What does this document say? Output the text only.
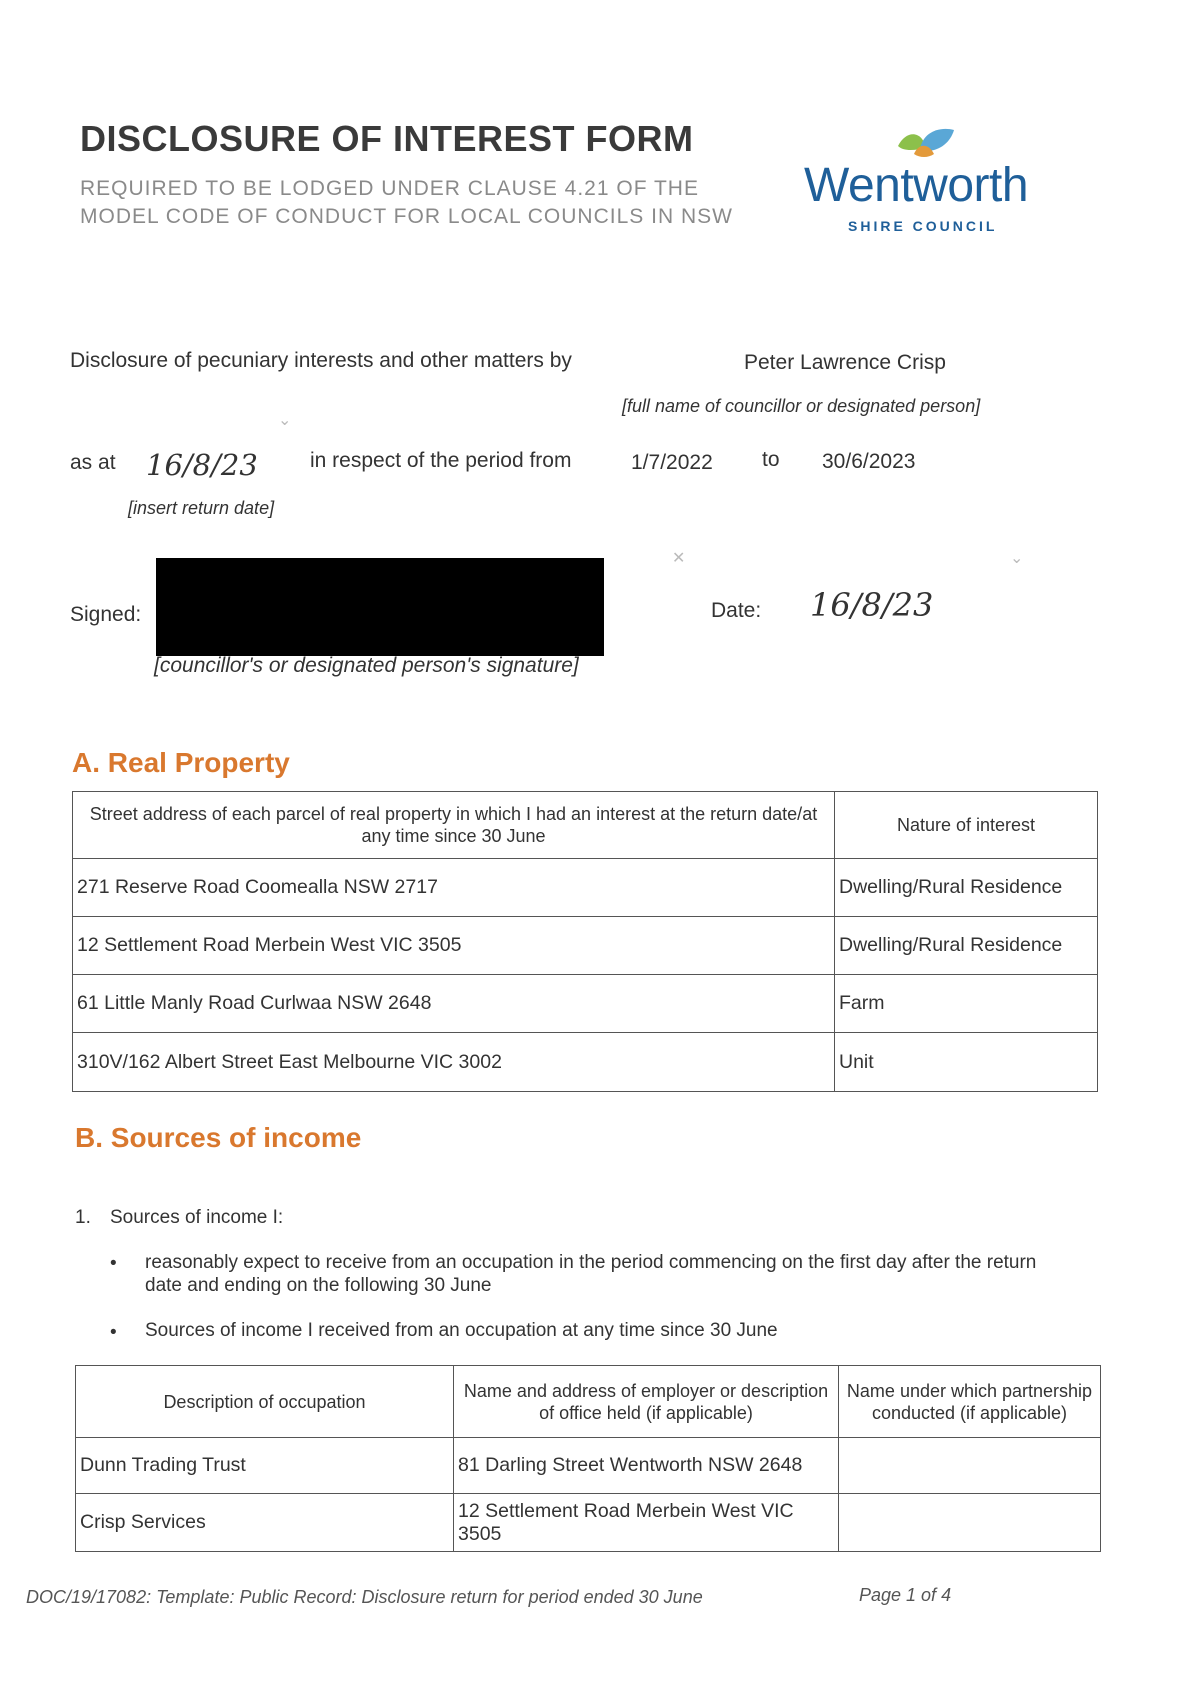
DISCLOSURE OF INTEREST FORM
REQUIRED TO BE LODGED UNDER CLAUSE 4.21 OF THE MODEL CODE OF CONDUCT FOR LOCAL COUNCILS IN NSW
Wentworth
SHIRE COUNCIL
Disclosure of pecuniary interests and other matters by	Peter Lawrence Crisp
[full name of councillor or designated person]
⌄
as at 16/8/23
[insert return date]
in respect of the period from	1/7/2022 to 30/6/2023
✕	⌄
Signed:
[councillor's or designated person's signature]
Date: 16/8/23
A. Real Property
Street address of each parcel of real property in which I had an interest at the return date/at any time since 30 June	Nature of interest
271 Reserve Road Coomealla NSW 2717	Dwelling/Rural Residence
12 Settlement Road Merbein West VIC 3505	Dwelling/Rural Residence
61 Little Manly Road Curlwaa NSW 2648	Farm
310V/162 Albert Street East Melbourne VIC 3002	Unit
B. Sources of income
1. Sources of income I:
• reasonably expect to receive from an occupation in the period commencing on the first day after the return date and ending on the following 30 June
• Sources of income I received from an occupation at any time since 30 June
Description of occupation	Name and address of employer or description of office held (if applicable)	Name under which partnership conducted (if applicable)
Dunn Trading Trust	81 Darling Street Wentworth NSW 2648	
Crisp Services	12 Settlement Road Merbein West VIC 3505	
DOC/19/17082: Template: Public Record: Disclosure return for period ended 30 June	Page 1 of 4
